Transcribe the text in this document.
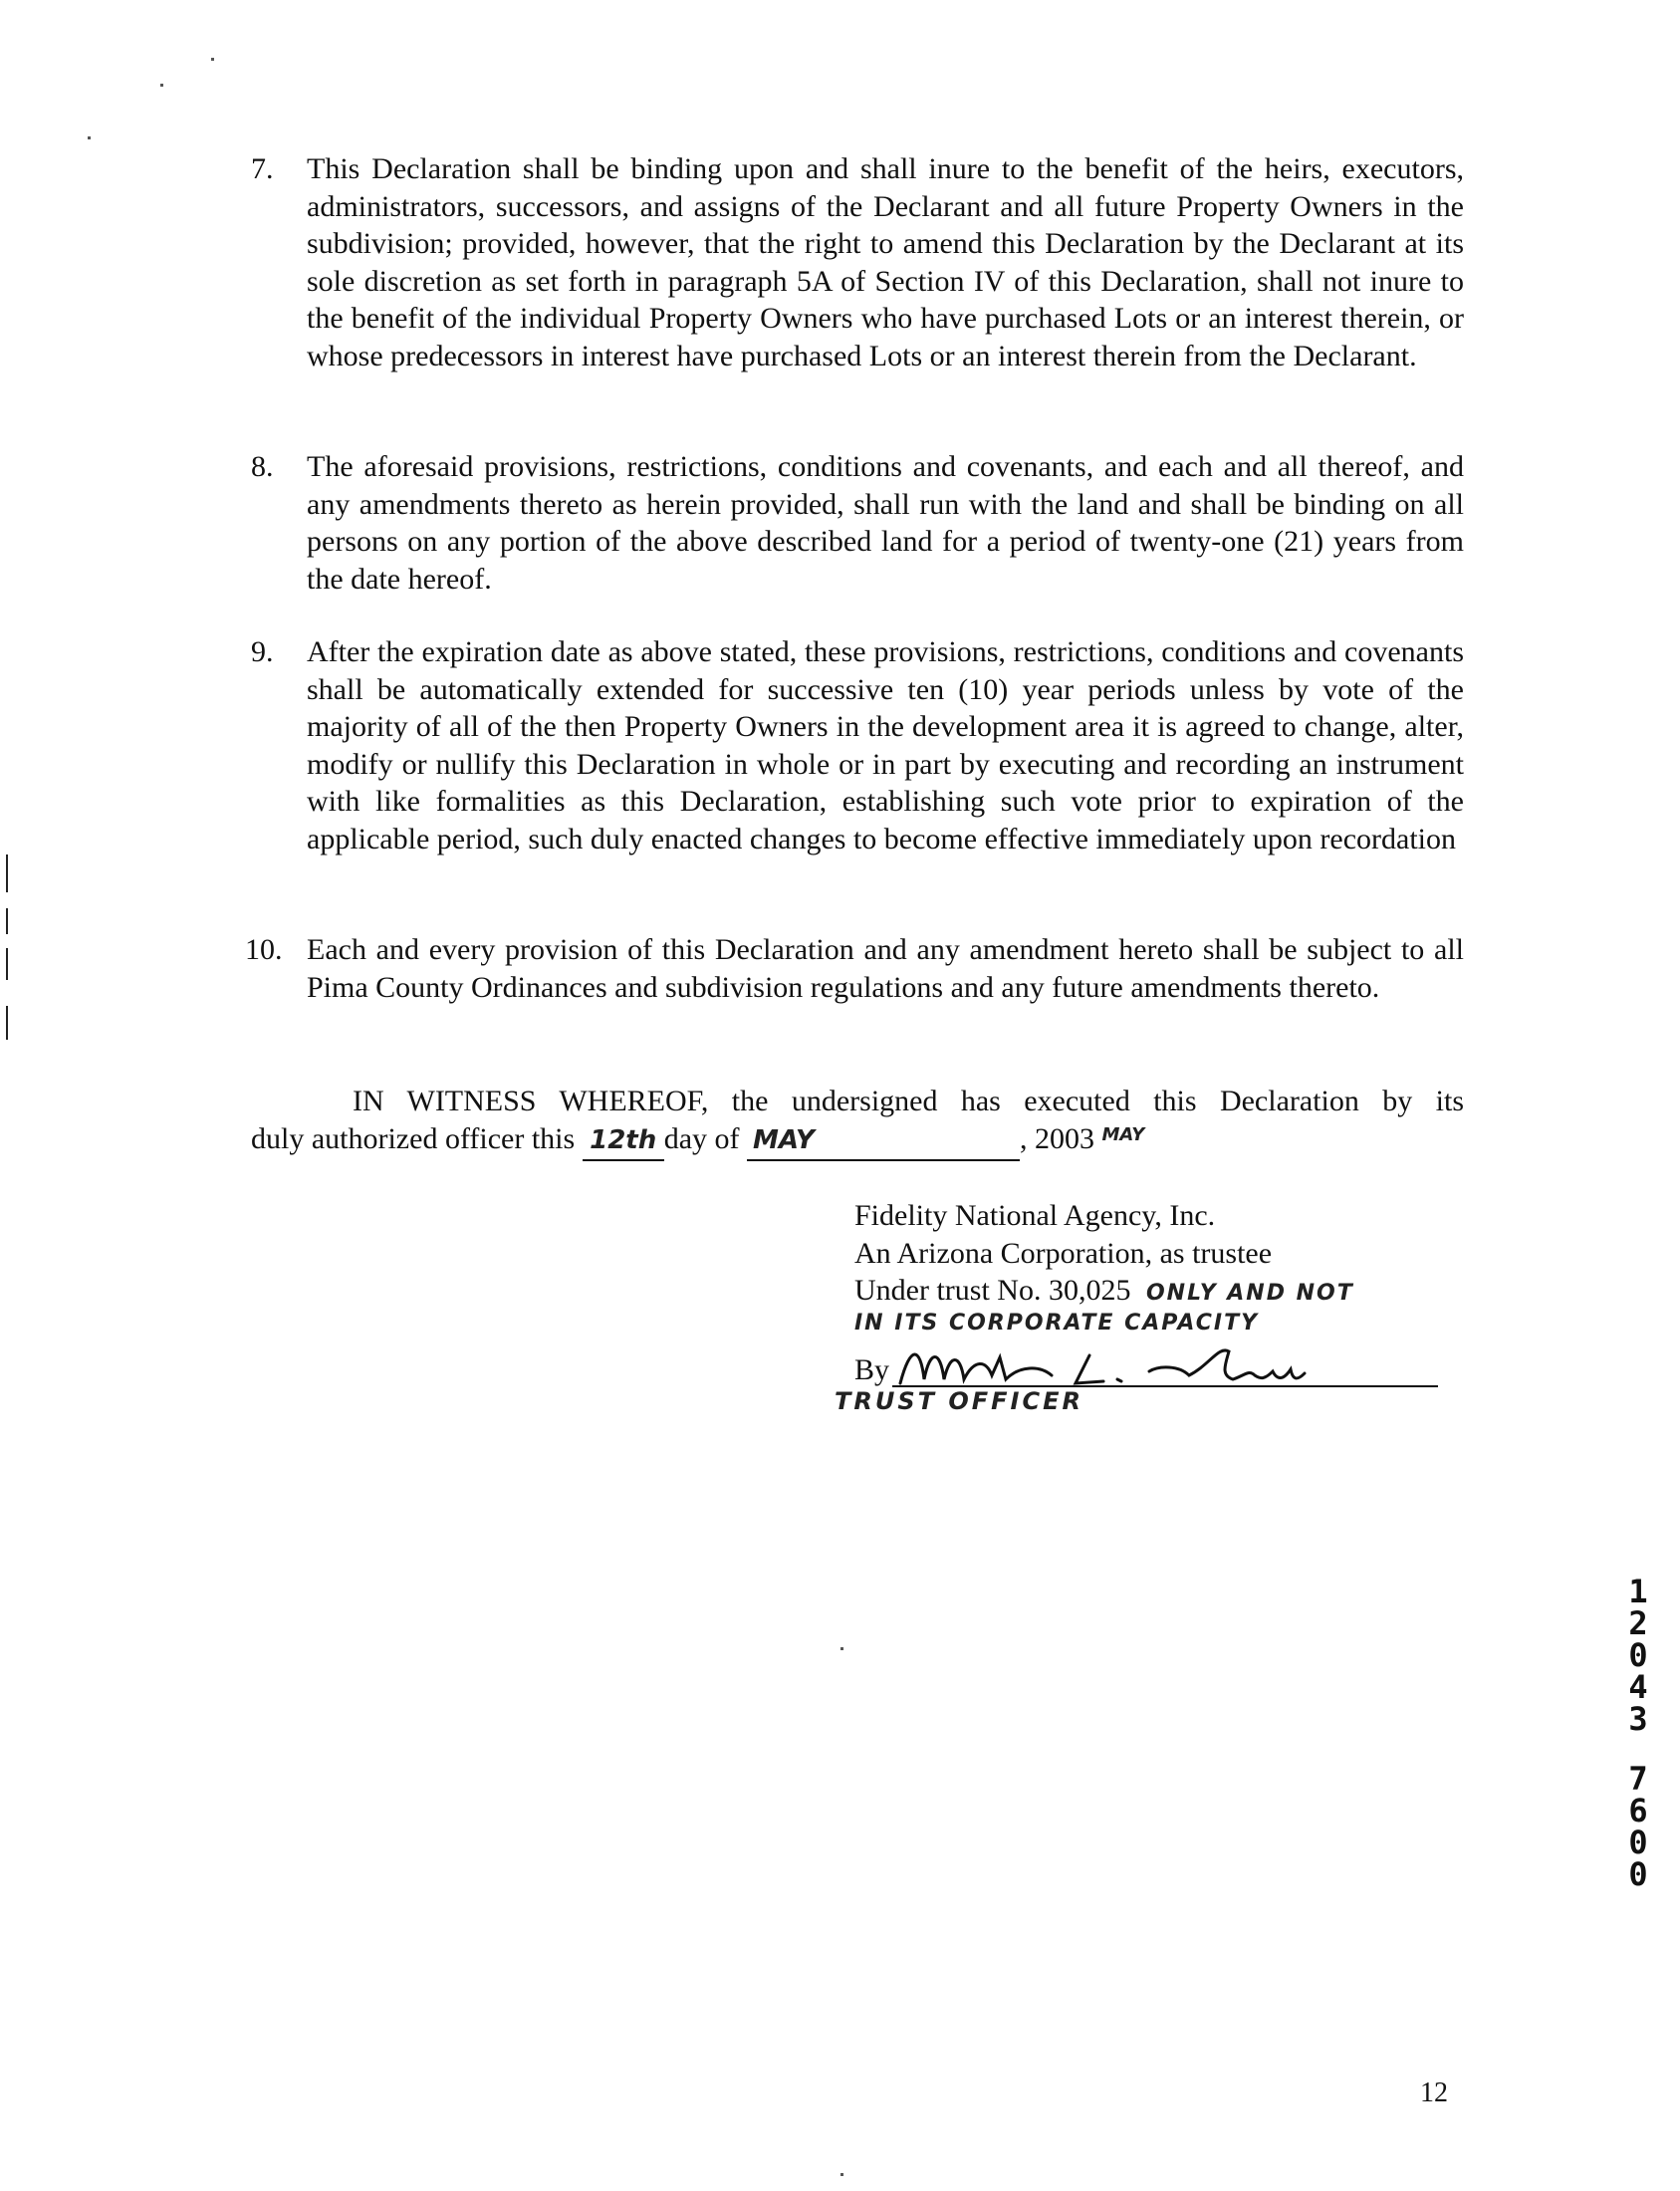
7. This Declaration shall be binding upon and shall inure to the benefit of the heirs, executors, administrators, successors, and assigns of the Declarant and all future Property Owners in the subdivision; provided, however, that the right to amend this Declaration by the Declarant at its sole discretion as set forth in paragraph 5A of Section IV of this Declaration, shall not inure to the benefit of the individual Property Owners who have purchased Lots or an interest therein, or whose predecessors in interest have purchased Lots or an interest therein from the Declarant.
8. The aforesaid provisions, restrictions, conditions and covenants, and each and all thereof, and any amendments thereto as herein provided, shall run with the land and shall be binding on all persons on any portion of the above described land for a period of twenty-one (21) years from the date hereof.
9. After the expiration date as above stated, these provisions, restrictions, conditions and covenants shall be automatically extended for successive ten (10) year periods unless by vote of the majority of all of the then Property Owners in the development area it is agreed to change, alter, modify or nullify this Declaration in whole or in part by executing and recording an instrument with like formalities as this Declaration, establishing such vote prior to expiration of the applicable period, such duly enacted changes to become effective immediately upon recordation
10. Each and every provision of this Declaration and any amendment hereto shall be subject to all Pima County Ordinances and subdivision regulations and any future amendments thereto.
IN WITNESS WHEREOF, the undersigned has executed this Declaration by its
duly authorized officer this 12th day of MAY	, 2003 $^{MAY}$
Fidelity National Agency, Inc.
An Arizona Corporation, as trustee
Under trust No. 30,025 ONLY AND NOT
IN ITS CORPORATE CAPACITY
By
TRUST OFFICER
1
2
0
4
3
7
6
0
0
12
